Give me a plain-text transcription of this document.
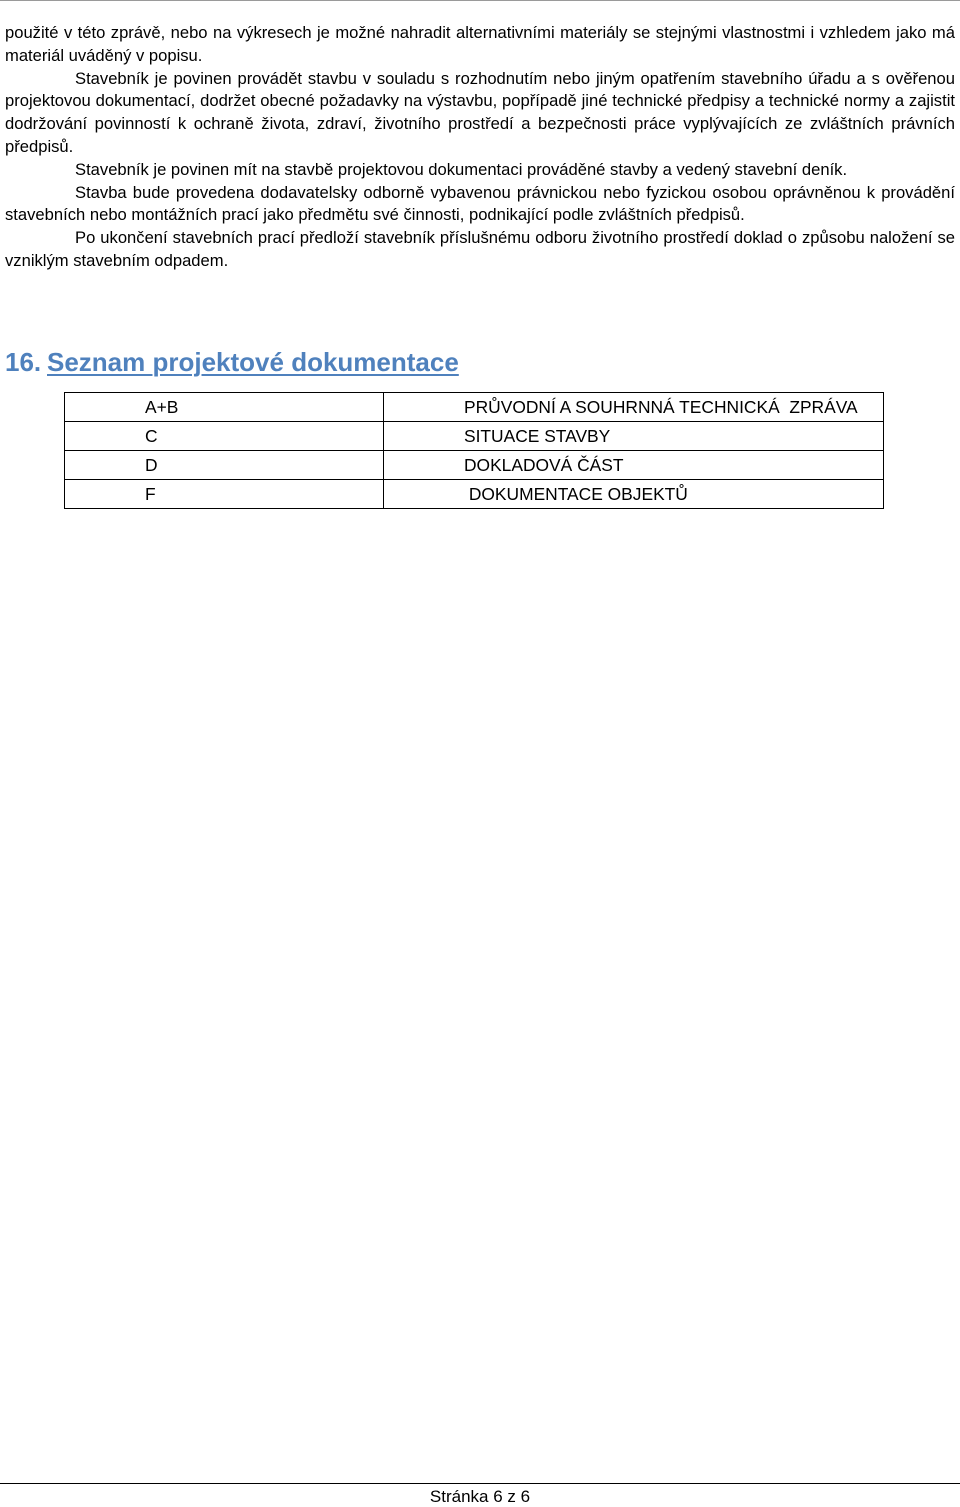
použité v této zprávě, nebo na výkresech je možné nahradit alternativními materiály se stejnými vlastnostmi i vzhledem jako má materiál uváděný v popisu.

Stavebník je povinen provádět stavbu v souladu s rozhodnutím nebo jiným opatřením stavebního úřadu a s ověřenou projektovou dokumentací, dodržet obecné požadavky na výstavbu, popřípadě jiné technické předpisy a technické normy a zajistit dodržování povinností k ochraně života, zdraví, životního prostředí a bezpečnosti práce vyplývajících ze zvláštních právních předpisů.

Stavebník je povinen mít na stavbě projektovou dokumentaci prováděné stavby a vedený stavební deník.

Stavba bude provedena dodavatelsky odborně vybavenou právnickou nebo fyzickou osobou oprávněnou k provádění stavebních nebo montážních prací jako předmětu své činnosti, podnikající podle zvláštních předpisů.

Po ukončení stavebních prací předloží stavebník příslušnému odboru životního prostředí doklad o způsobu naložení se vzniklým stavebním odpadem.

16. Seznam projektové dokumentace
A+B	PRŮVODNÍ A SOUHRNNÁ TECHNICKÁ  ZPRÁVA
C	SITUACE STAVBY
D	DOKLADOVÁ ČÁST
F	DOKUMENTACE OBJEKTŮ
Stránka 6 z 6
